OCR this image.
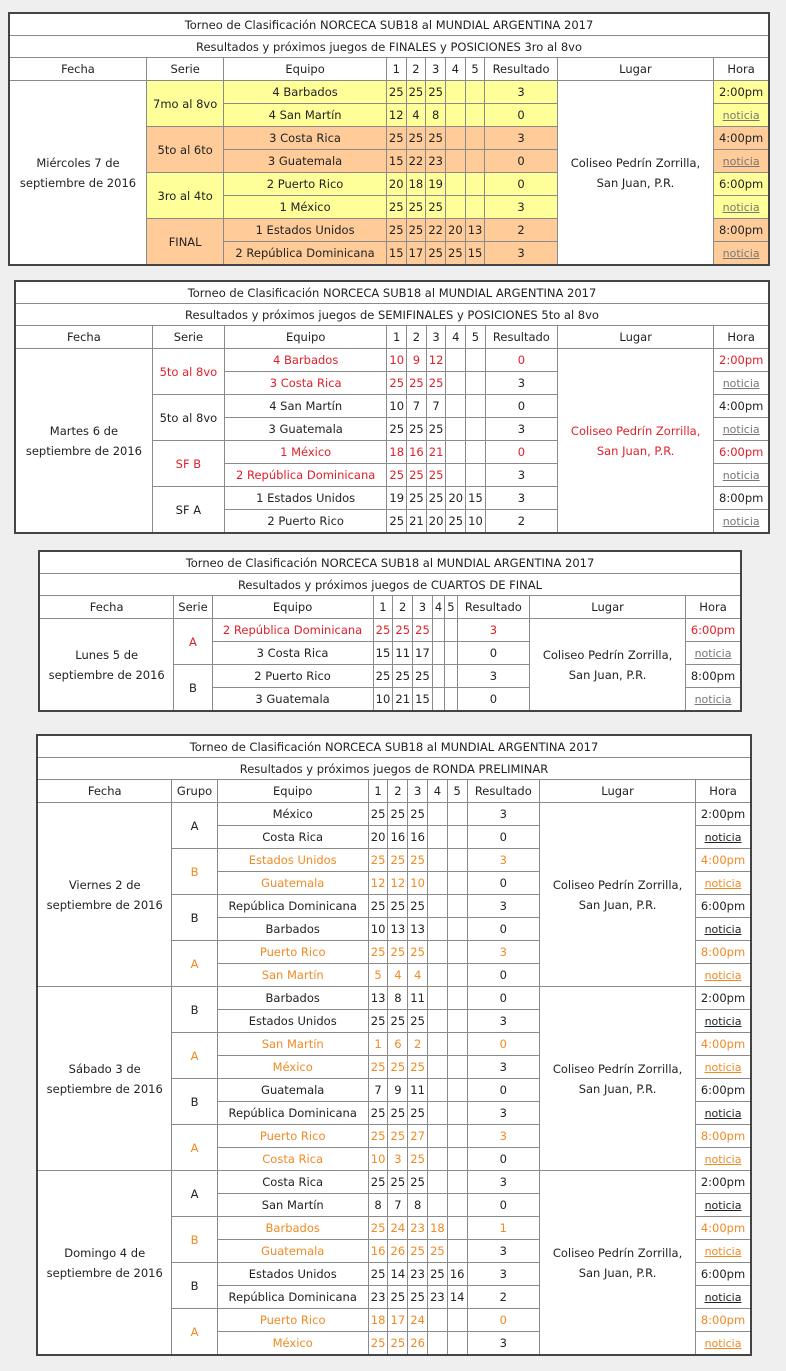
Torneo de Clasificación NORCECA SUB18 al MUNDIAL ARGENTINA 2017										
Resultados y próximos juegos de FINALES y POSICIONES 3ro al 8vo										
Fecha	Serie	Equipo	1	2	3	4	5	Resultado	Lugar	Hora
Miércoles 7 de septiembre de 2016	7mo al 8vo	4 Barbados	25	25	25			3	Coliseo Pedrín Zorrilla, San Juan, P.R.	2:00pm
		4 San Martín	12	4	8			0		noticia
	5to al 6to	3 Costa Rica	25	25	25			3		4:00pm
		3 Guatemala	15	22	23			0		noticia
	3ro al 4to	2 Puerto Rico	20	18	19			0		6:00pm
		1 México	25	25	25			3		noticia
	FINAL	1 Estados Unidos	25	25	22	20	13	2		8:00pm
		2 República Dominicana	15	17	25	25	15	3		noticia
Torneo de Clasificación NORCECA SUB18 al MUNDIAL ARGENTINA 2017										
Resultados y próximos juegos de SEMIFINALES y POSICIONES 5to al 8vo										
Fecha	Serie	Equipo	1	2	3	4	5	Resultado	Lugar	Hora
Martes 6 de septiembre de 2016	5to al 8vo	4 Barbados	10	9	12			0	Coliseo Pedrín Zorrilla, San Juan, P.R.	2:00pm
		3 Costa Rica	25	25	25			3		noticia
	5to al 8vo	4 San Martín	10	7	7			0		4:00pm
		3 Guatemala	25	25	25			3		noticia
	SF B	1 México	18	16	21			0		6:00pm
		2 República Dominicana	25	25	25			3		noticia
	SF A	1 Estados Unidos	19	25	25	20	15	3		8:00pm
		2 Puerto Rico	25	21	20	25	10	2		noticia
Torneo de Clasificación NORCECA SUB18 al MUNDIAL ARGENTINA 2017										
Resultados y próximos juegos de CUARTOS DE FINAL										
Fecha	Serie	Equipo	1	2	3	4	5	Resultado	Lugar	Hora
Lunes 5 de septiembre de 2016	A	2 República Dominicana	25	25	25			3	Coliseo Pedrín Zorrilla, San Juan, P.R.	6:00pm
		3 Costa Rica	15	11	17			0		noticia
	B	2 Puerto Rico	25	25	25			3		8:00pm
		3 Guatemala	10	21	15			0		noticia
Torneo de Clasificación NORCECA SUB18 al MUNDIAL ARGENTINA 2017										
Resultados y próximos juegos de RONDA PRELIMINAR										
Fecha	Grupo	Equipo	1	2	3	4	5	Resultado	Lugar	Hora
Viernes 2 de septiembre de 2016	A	México	25	25	25			3	Coliseo Pedrín Zorrilla, San Juan, P.R.	2:00pm
		Costa Rica	20	16	16			0		noticia
	B	Estados Unidos	25	25	25			3		4:00pm
		Guatemala	12	12	10			0		noticia
	B	República Dominicana	25	25	25			3		6:00pm
		Barbados	10	13	13			0		noticia
	A	Puerto Rico	25	25	25			3		8:00pm
		San Martín	5	4	4			0		noticia
Sábado 3 de septiembre de 2016	B	Barbados	13	8	11			0	Coliseo Pedrín Zorrilla, San Juan, P.R.	2:00pm
		Estados Unidos	25	25	25			3		noticia
	A	San Martín	1	6	2			0		4:00pm
		México	25	25	25			3		noticia
	B	Guatemala	7	9	11			0		6:00pm
		República Dominicana	25	25	25			3		noticia
	A	Puerto Rico	25	25	27			3		8:00pm
		Costa Rica	10	3	25			0		noticia
Domingo 4 de septiembre de 2016	A	Costa Rica	25	25	25			3	Coliseo Pedrín Zorrilla, San Juan, P.R.	2:00pm
		San Martín	8	7	8			0		noticia
	B	Barbados	25	24	23	18		1		4:00pm
		Guatemala	16	26	25	25		3		noticia
	B	Estados Unidos	25	14	23	25	16	3		6:00pm
		República Dominicana	23	25	25	23	14	2		noticia
	A	Puerto Rico	18	17	24			0		8:00pm
		México	25	25	26			3		noticia
